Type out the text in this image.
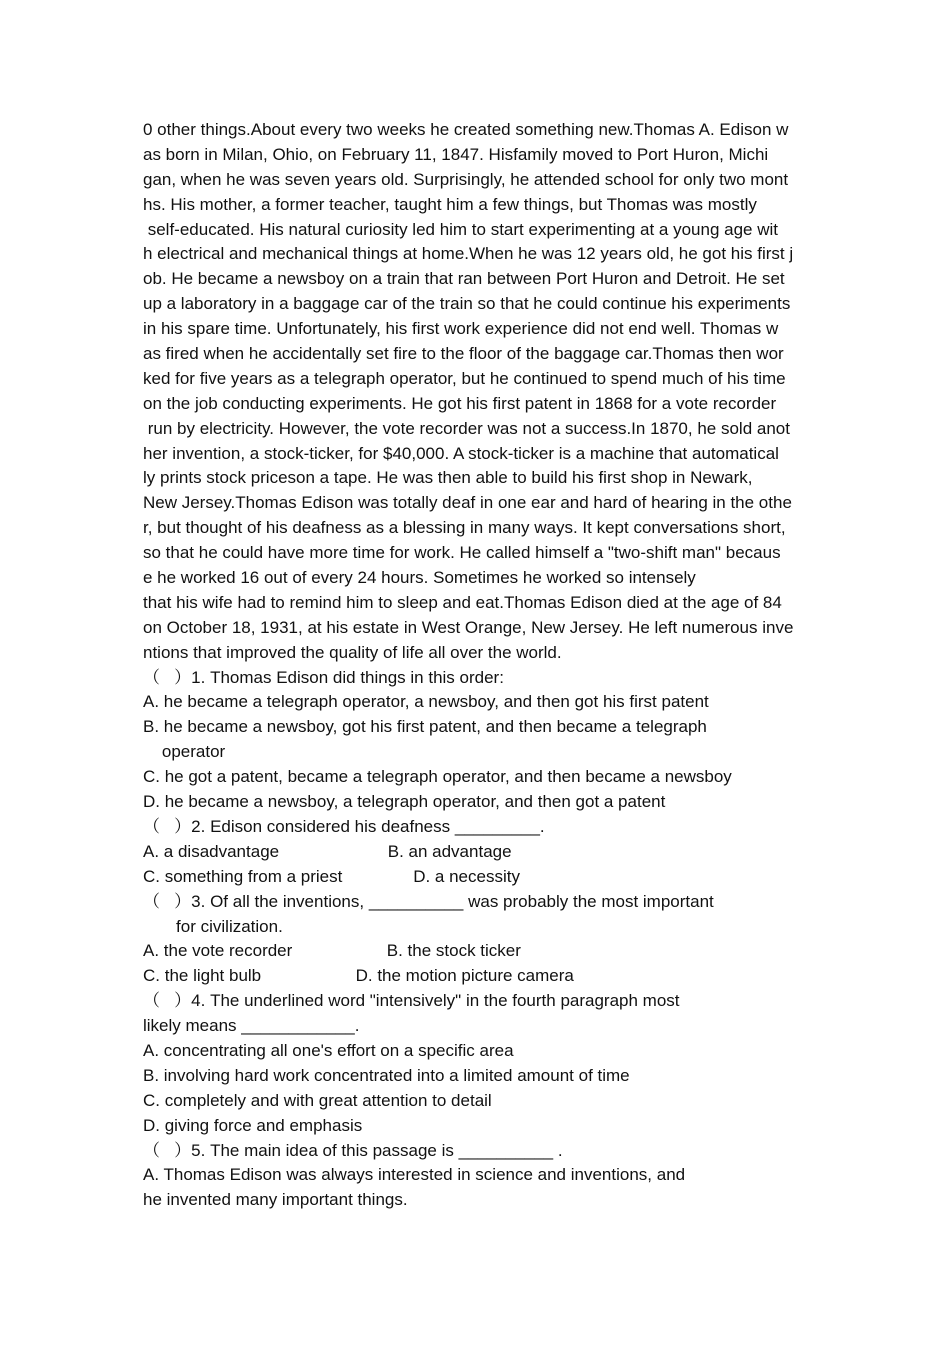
0 other things.About every two weeks he created something new.Thomas A. Edison w
as born in Milan, Ohio, on February 11, 1847. Hisfamily moved to Port Huron, Michi
gan, when he was seven years old. Surprisingly, he attended school for only two mont
hs. His mother, a former teacher, taught him a few things, but Thomas was mostly
self-educated. His natural curiosity led him to start experimenting at a young age wit
h electrical and mechanical things at home.When he was 12 years old, he got his first j
ob. He became a newsboy on a train that ran between Port Huron and Detroit. He set
up a laboratory in a baggage car of the train so that he could continue his experiments
in his spare time. Unfortunately, his first work experience did not end well. Thomas w
as fired when he accidentally set fire to the floor of the baggage car.Thomas then wor
ked for five years as a telegraph operator, but he continued to spend much of his time
on the job conducting experiments. He got his first patent in 1868 for a vote recorder
run by electricity. However, the vote recorder was not a success.In 1870, he sold anot
her invention, a stock-ticker, for $40,000. A stock-ticker is a machine that automatical
ly prints stock priceson a tape. He was then able to build his first shop in Newark,
New Jersey.Thomas Edison was totally deaf in one ear and hard of hearing in the othe
r, but thought of his deafness as a blessing in many ways. It kept conversations short,
so that he could have more time for work. He called himself a "two-shift man" becaus
e he worked 16 out of every 24 hours. Sometimes he worked so intensely
that his wife had to remind him to sleep and eat.Thomas Edison died at the age of 84
on October 18, 1931, at his estate in West Orange, New Jersey. He left numerous inve
ntions that improved the quality of life all over the world.
（   ）1. Thomas Edison did things in this order:
A. he became a telegraph operator, a newsboy, and then got his first patent
B. he became a newsboy, got his first patent, and then became a telegraph
operator
C. he got a patent, became a telegraph operator, and then became a newsboy
D. he became a newsboy, a telegraph operator, and then got a patent
（   ）2. Edison considered his deafness _________.
A. a disadvantage                       B. an advantage
C. something from a priest               D. a necessity
（   ）3. Of all the inventions, __________ was probably the most important
for civilization.
A. the vote recorder                    B. the stock ticker
C. the light bulb                    D. the motion picture camera
（   ）4. The underlined word "intensively" in the fourth paragraph most
likely means ____________.
A. concentrating all one's effort on a specific area
B. involving hard work concentrated into a limited amount of time
C. completely and with great attention to detail
D. giving force and emphasis
（   ）5. The main idea of this passage is __________ .
A. Thomas Edison was always interested in science and inventions, and
he invented many important things.
